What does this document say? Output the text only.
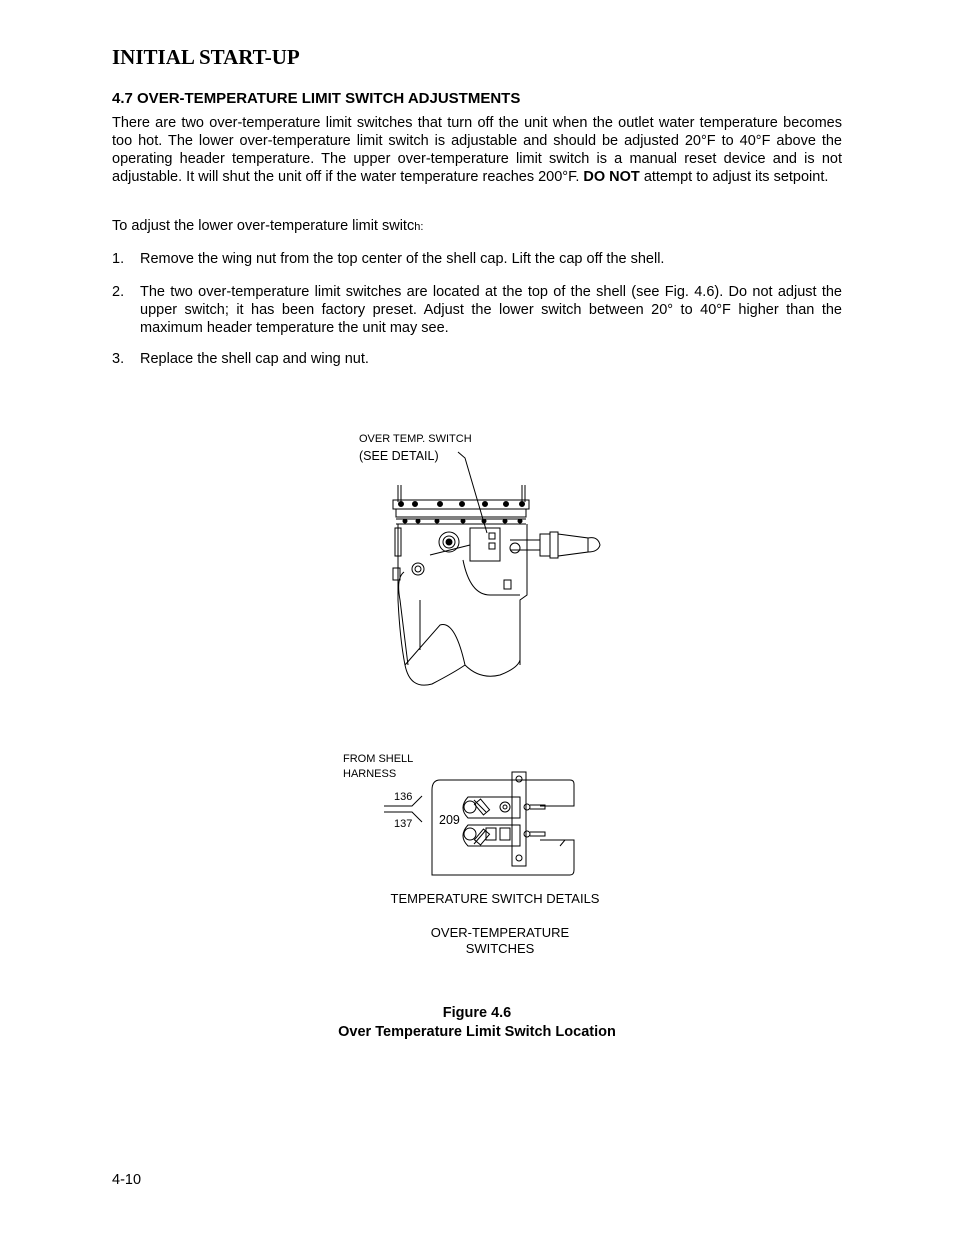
INITIAL START-UP
4.7 OVER-TEMPERATURE LIMIT SWITCH ADJUSTMENTS
There are two over-temperature limit switches that turn off the unit when the outlet water temperature becomes too hot. The lower over-temperature limit switch is adjustable and should be adjusted 20°F to 40°F above the operating header temperature. The upper over-temperature limit switch is a manual reset device and is not adjustable. It will shut the unit off if the water temperature reaches 200°F. DO NOT attempt to adjust its setpoint.
To adjust the lower over-temperature limit switch:
1. Remove the wing nut from the top center of the shell cap. Lift the cap off the shell.
2. The two over-temperature limit switches are located at the top of the shell (see Fig. 4.6). Do not adjust the upper switch; it has been factory preset. Adjust the lower switch between 20° to 40°F higher than the maximum header temperature the unit may see.
3. Replace the shell cap and wing nut.
OVER TEMP. SWITCH
(SEE DETAIL)
FROM SHELL
HARNESS
136
137 209
TEMPERATURE SWITCH DETAILS
OVER-TEMPERATURE
SWITCHES
Figure 4.6
Over Temperature Limit Switch Location
4-10
